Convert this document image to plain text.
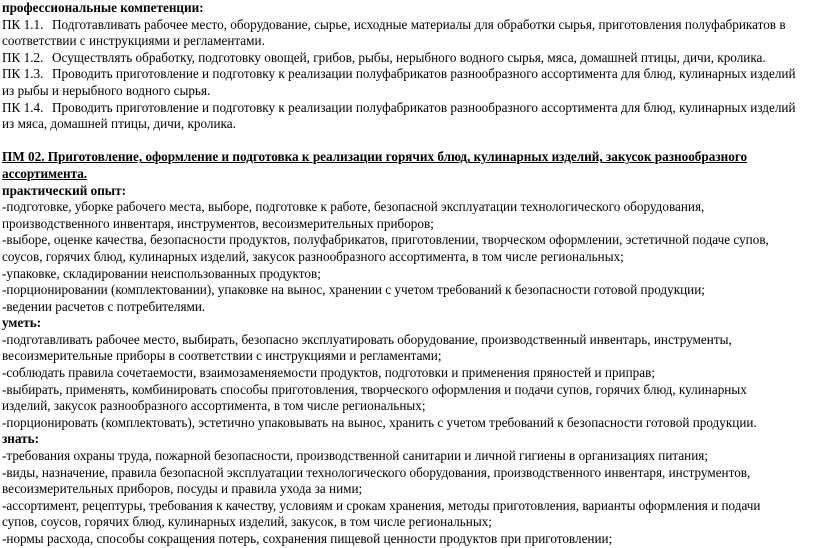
профессиональные компетенции:
ПК 1.1. Подготавливать рабочее место, оборудование, сырье, исходные материалы для обработки сырья, приготовления полуфабрикатов в
соответствии с инструкциями и регламентами.
ПК 1.2. Осуществлять обработку, подготовку овощей, грибов, рыбы, нерыбного водного сырья, мяса, домашней птицы, дичи, кролика.
ПК 1.3. Проводить приготовление и подготовку к реализации полуфабрикатов разнообразного ассортимента для блюд, кулинарных изделий
из рыбы и нерыбного водного сырья.
ПК 1.4. Проводить приготовление и подготовку к реализации полуфабрикатов разнообразного ассортимента для блюд, кулинарных изделий
из мяса, домашней птицы, дичи, кролика.
ПМ 02. Приготовление, оформление и подготовка к реализации горячих блюд, кулинарных изделий, закусок разнообразного
ассортимента.
практический опыт:
-подготовке, уборке рабочего места, выборе, подготовке к работе, безопасной эксплуатации технологического оборудования,
производственного инвентаря, инструментов, весоизмерительных приборов;
-выборе, оценке качества, безопасности продуктов, полуфабрикатов, приготовлении, творческом оформлении, эстетичной подаче супов,
соусов, горячих блюд, кулинарных изделий, закусок разнообразного ассортимента, в том числе региональных;
-упаковке, складировании неиспользованных продуктов;
-порционировании (комплектовании), упаковке на вынос, хранении с учетом требований к безопасности готовой продукции;
-ведении расчетов с потребителями.
уметь:
-подготавливать рабочее место, выбирать, безопасно эксплуатировать оборудование, производственный инвентарь, инструменты,
весоизмерительные приборы в соответствии с инструкциями и регламентами;
-соблюдать правила сочетаемости, взаимозаменяемости продуктов, подготовки и применения пряностей и приправ;
-выбирать, применять, комбинировать способы приготовления, творческого оформления и подачи супов, горячих блюд, кулинарных
изделий, закусок разнообразного ассортимента, в том числе региональных;
-порционировать (комплектовать), эстетично упаковывать на вынос, хранить с учетом требований к безопасности готовой продукции.
знать:
-требования охраны труда, пожарной безопасности, производственной санитарии и личной гигиены в организациях питания;
-виды, назначение, правила безопасной эксплуатации технологического оборудования, производственного инвентаря, инструментов,
весоизмерительных приборов, посуды и правила ухода за ними;
-ассортимент, рецептуры, требования к качеству, условиям и срокам хранения, методы приготовления, варианты оформления и подачи
супов, соусов, горячих блюд, кулинарных изделий, закусок, в том числе региональных;
-нормы расхода, способы сокращения потерь, сохранения пищевой ценности продуктов при приготовлении;
